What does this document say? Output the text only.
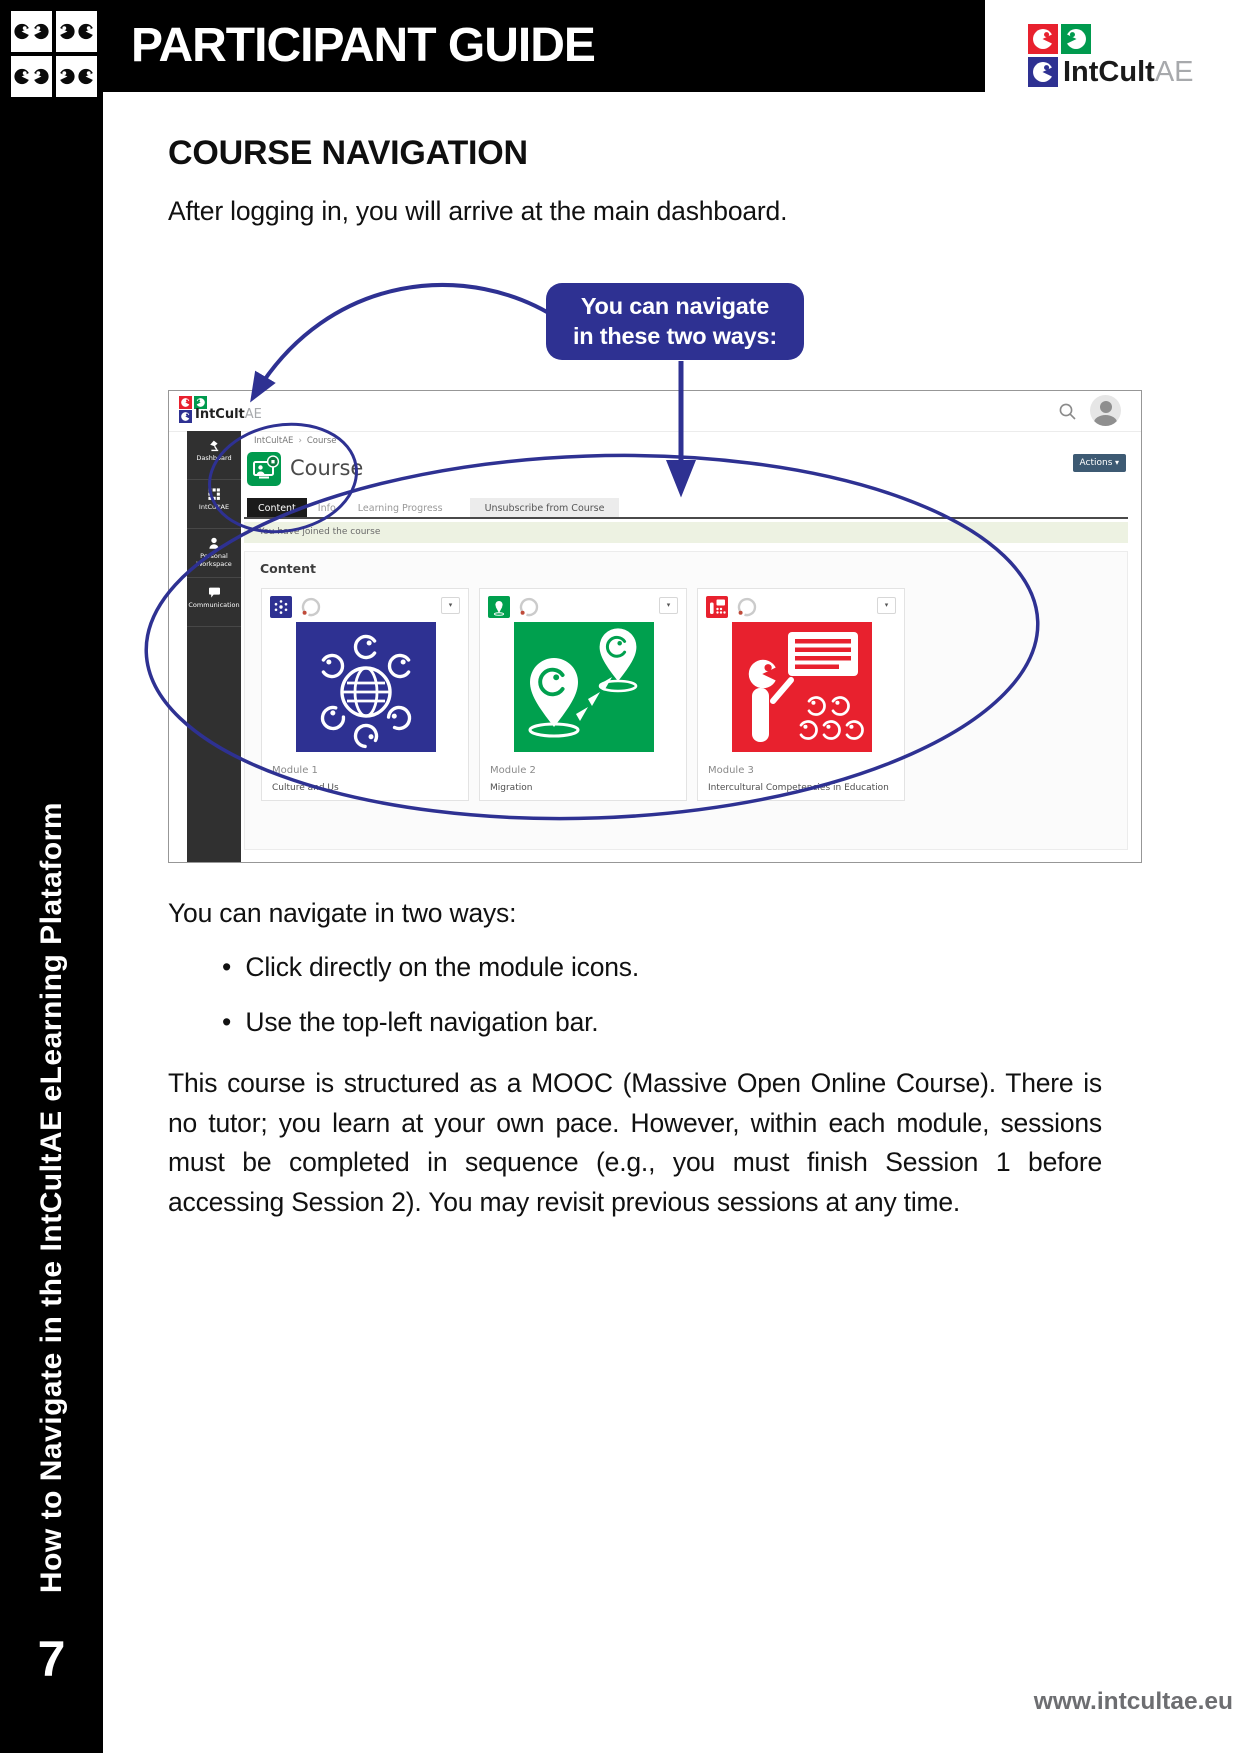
How to Navigate in the IntCultAE eLearning Plataform
7
PARTICIPANT GUIDE	IntCultAE
COURSE NAVIGATION

After logging in, you will arrive at the main dashboard.

You can navigate
in these two ways:
IntCultAE
Dashboard
IntCultAE
Personal Workspace
Communication
IntCultAE › Course
Course	Actions ▾
Content	Info	Learning Progress	Unsubscribe from Course
You have joined the course
Content
▾
Module 1
Culture and Us
▾
Module 2
Migration
▾
Module 3
Intercultural Competencies in Education

You can navigate in two ways:

•  Click directly on the module icons.
•  Use the top-left navigation bar.

This course is structured as a MOOC (Massive Open Online Course). There is no tutor; you learn at your own pace. However, within each module, sessions must be completed in sequence (e.g., you must finish Session 1 before accessing Session 2). You may revisit previous sessions at any time.

www.intcultae.eu
